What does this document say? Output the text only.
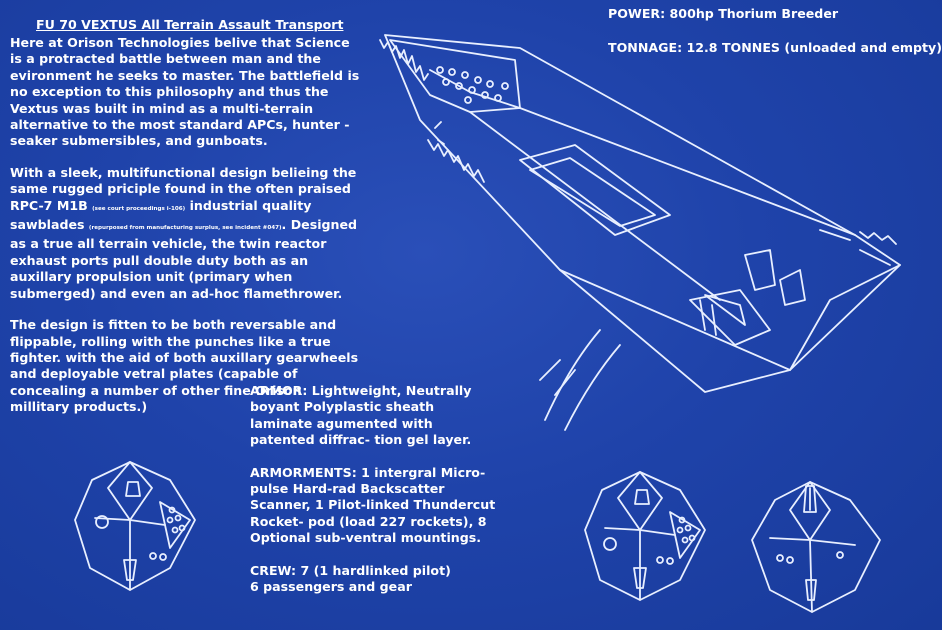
FU 70 VEXTUS All Terrain Assault Transport

Here at Orison Technologies belive that Science is a protracted battle between man and the evironment he seeks to master. The battlefield is no exception to this philosophy and thus the Vextus was built in mind as a multi-terrain alternative to the most standard APCs, hunter -seaker submersibles, and gunboats.

With a sleek, multifunctional design belieing the same rugged priciple found in the often praised RPC-7 M1B (see court proceedings i-106) industrial quality sawblades (repurposed from manufacturing surplus, see incident #047). Designed as a true all terrain vehicle, the twin reactor exhaust ports pull double duty both as an auxillary propulsion unit (primary when submerged) and even an ad-hoc flamethrower.

The design is fitten to be both reversable and flippable, rolling with the punches like a true fighter. with the aid of both auxillary gearwheels and deployable vetral plates (capable of concealing a number of other fine Orison millitary products.)

POWER: 800hp Thorium Breeder
TONNAGE: 12.8 TONNES (unloaded and empty)

ARMOR: Lightweight, Neutrally boyant Polyplastic sheath laminate agumented with patented diffrac- tion gel layer.

ARMORMENTS: 1 intergral Micro- pulse Hard-rad Backscatter Scanner, 1 Pilot-linked Thundercut Rocket- pod (load 227 rockets), 8 Optional sub-ventral mountings.

CREW: 7 (1 hardlinked pilot)
6 passengers and gear
